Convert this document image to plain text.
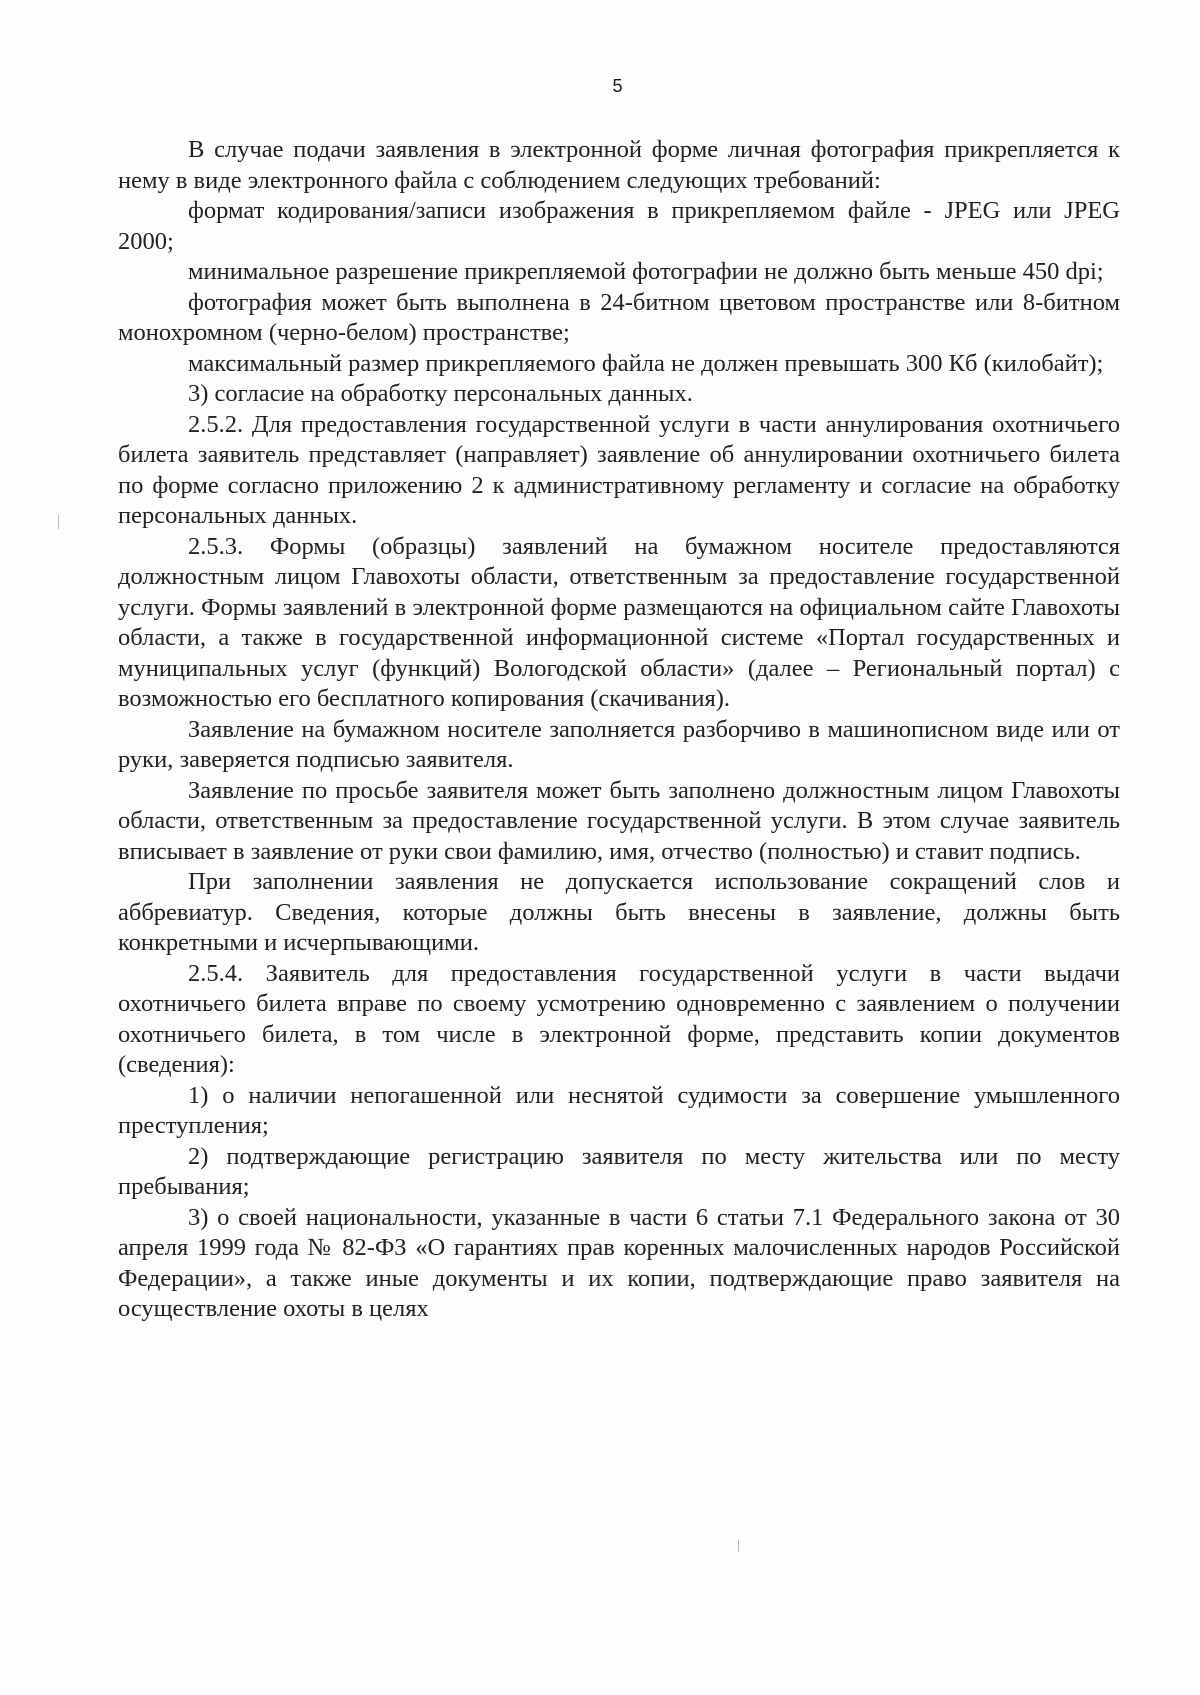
5

В случае подачи заявления в электронной форме личная фотография прикрепляется к нему в виде электронного файла с соблюдением следующих требований:

формат кодирования/записи изображения в прикрепляемом файле - JPEG или JPEG 2000;

минимальное разрешение прикрепляемой фотографии не должно быть меньше 450 dpi;

фотография может быть выполнена в 24-битном цветовом пространстве или 8-битном монохромном (черно-белом) пространстве;

максимальный размер прикрепляемого файла не должен превышать 300 Кб (килобайт);

3) согласие на обработку персональных данных.

2.5.2. Для предоставления государственной услуги в части аннулирования охотничьего билета заявитель представляет (направляет) заявление об аннулировании охотничьего билета по форме согласно приложению 2 к административному регламенту и согласие на обработку персональных данных.

2.5.3. Формы (образцы) заявлений на бумажном носителе предоставляются должностным лицом Главохоты области, ответственным за предоставление государственной услуги. Формы заявлений в электронной форме размещаются на официальном сайте Главохоты области, а также в государственной информационной системе «Портал государственных и муниципальных услуг (функций) Вологодской области» (далее – Региональный портал) с возможностью его бесплатного копирования (скачивания).

Заявление на бумажном носителе заполняется разборчиво в машинописном виде или от руки, заверяется подписью заявителя.

Заявление по просьбе заявителя может быть заполнено должностным лицом Главохоты области, ответственным за предоставление государственной услуги. В этом случае заявитель вписывает в заявление от руки свои фамилию, имя, отчество (полностью) и ставит подпись.

При заполнении заявления не допускается использование сокращений слов и аббревиатур. Сведения, которые должны быть внесены в заявление, должны быть конкретными и исчерпывающими.

2.5.4. Заявитель для предоставления государственной услуги в части выдачи охотничьего билета вправе по своему усмотрению одновременно с заявлением о получении охотничьего билета, в том числе в электронной форме, представить копии документов (сведения):

1) о наличии непогашенной или неснятой судимости за совершение умышленного преступления;

2) подтверждающие регистрацию заявителя по месту жительства или по месту пребывания;

3) о своей национальности, указанные в части 6 статьи 7.1 Федерального закона от 30 апреля 1999 года № 82-ФЗ «О гарантиях прав коренных малочисленных народов Российской Федерации», а также иные документы и их копии, подтверждающие право заявителя на осуществление охоты в целях
